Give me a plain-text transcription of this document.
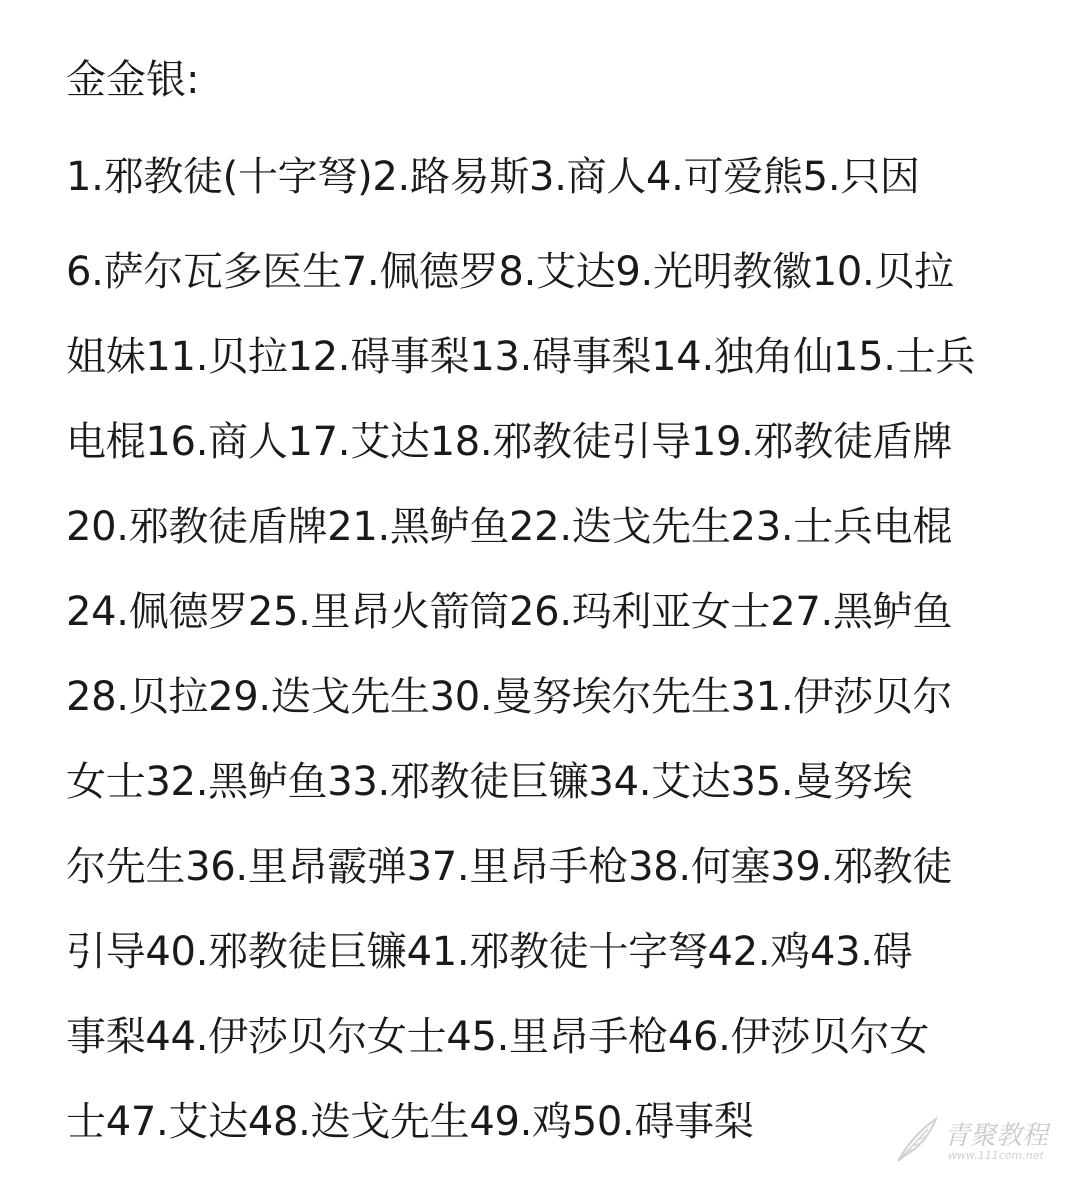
金金银:
1.邪教徒(十字弩)2.路易斯3.商人4.可爱熊5.只因
6.萨尔瓦多医生7.佩德罗8.艾达9.光明教徽10.贝拉
姐妹11.贝拉12.碍事梨13.碍事梨14.独角仙15.士兵
电棍16.商人17.艾达18.邪教徒引导19.邪教徒盾牌
20.邪教徒盾牌21.黑鲈鱼22.迭戈先生23.士兵电棍
24.佩德罗25.里昂火箭筒26.玛利亚女士27.黑鲈鱼
28.贝拉29.迭戈先生30.曼努埃尔先生31.伊莎贝尔
女士32.黑鲈鱼33.邪教徒巨镰34.艾达35.曼努埃
尔先生36.里昂霰弹37.里昂手枪38.何塞39.邪教徒
引导40.邪教徒巨镰41.邪教徒十字弩42.鸡43.碍
事梨44.伊莎贝尔女士45.里昂手枪46.伊莎贝尔女
士47.艾达48.迭戈先生49.鸡50.碍事梨	青聚教程
www.111com.net
